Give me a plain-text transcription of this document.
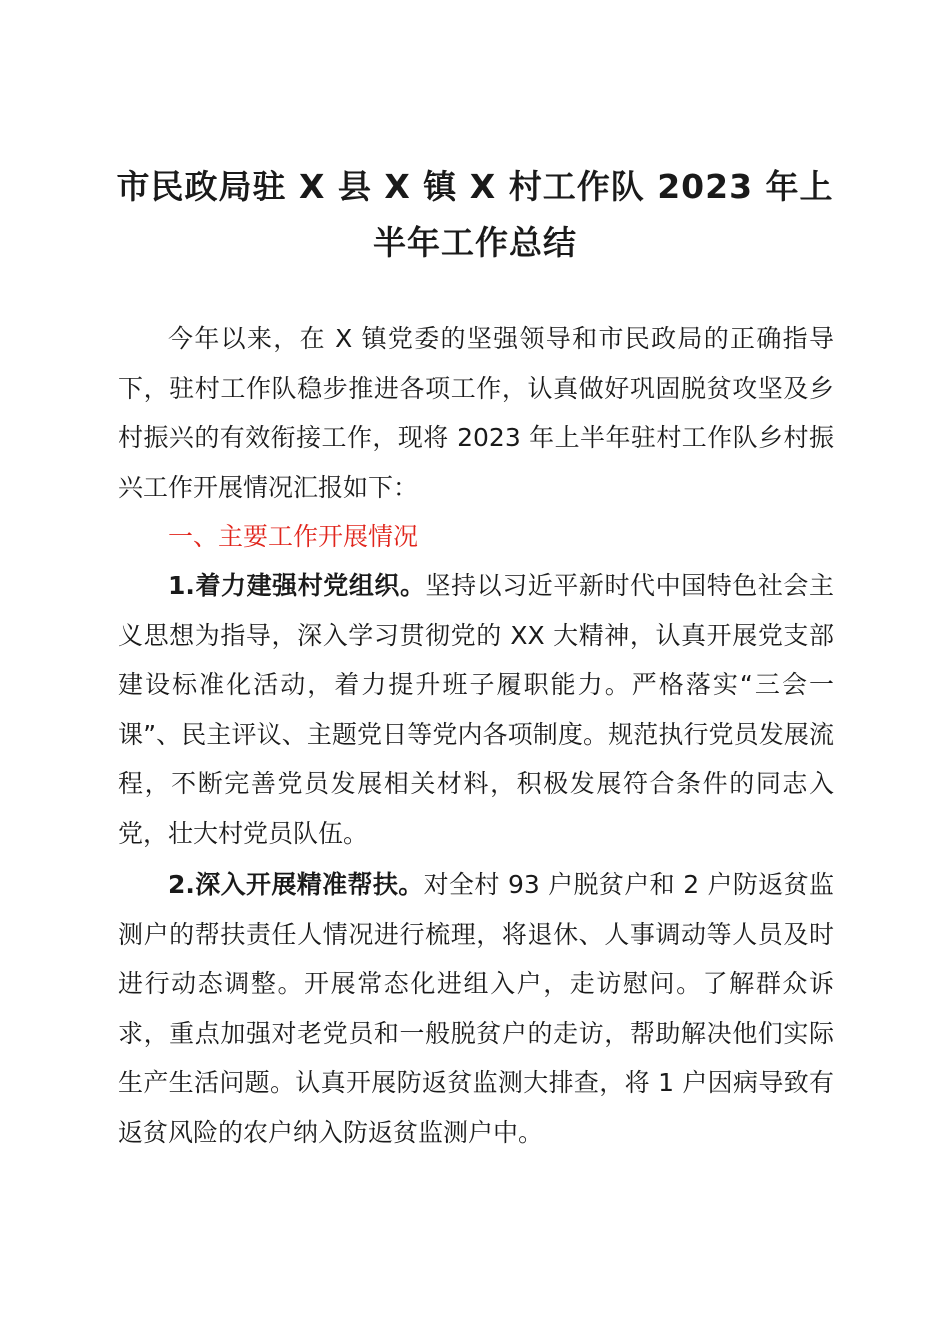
市民政局驻 X 县 X 镇 X 村工作队 2023 年上
半年工作总结
今年以来，在 X 镇党委的坚强领导和市民政局的正确指导下，驻村工作队稳步推进各项工作，认真做好巩固脱贫攻坚及乡村振兴的有效衔接工作，现将 2023 年上半年驻村工作队乡村振兴工作开展情况汇报如下：
一、主要工作开展情况
1.着力建强村党组织。坚持以习近平新时代中国特色社会主义思想为指导，深入学习贯彻党的 XX 大精神，认真开展党支部建设标准化活动，着力提升班子履职能力。严格落实“三会一课”、民主评议、主题党日等党内各项制度。规范执行党员发展流程，不断完善党员发展相关材料，积极发展符合条件的同志入党，壮大村党员队伍。
2.深入开展精准帮扶。对全村 93 户脱贫户和 2 户防返贫监测户的帮扶责任人情况进行梳理，将退休、人事调动等人员及时进行动态调整。开展常态化进组入户，走访慰问。了解群众诉求，重点加强对老党员和一般脱贫户的走访，帮助解决他们实际生产生活问题。认真开展防返贫监测大排查，将 1 户因病导致有返贫风险的农户纳入防返贫监测户中。
